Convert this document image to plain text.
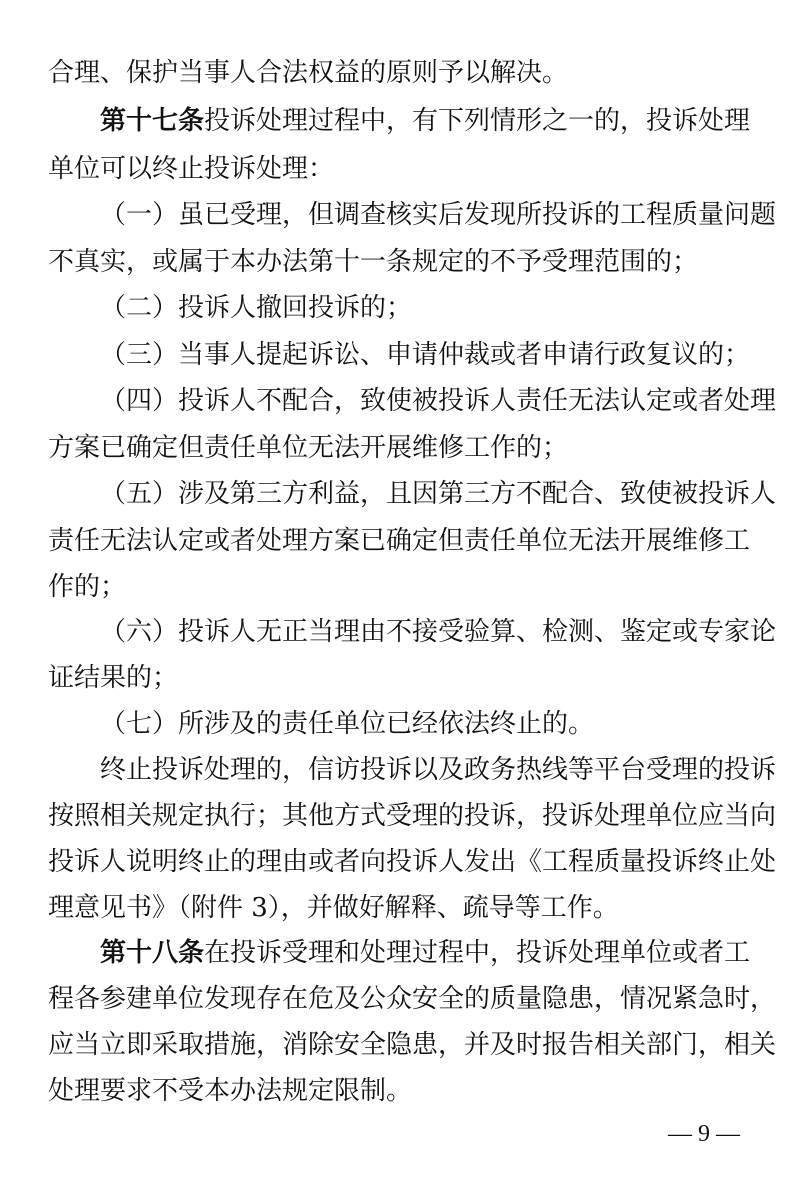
合理、保护当事人合法权益的原则予以解决。
第十七条投诉处理过程中，有下列情形之一的，投诉处理
单位可以终止投诉处理：
（一）虽已受理，但调查核实后发现所投诉的工程质量问题
不真实，或属于本办法第十一条规定的不予受理范围的；
（二）投诉人撤回投诉的；
（三）当事人提起诉讼、申请仲裁或者申请行政复议的；
（四）投诉人不配合，致使被投诉人责任无法认定或者处理
方案已确定但责任单位无法开展维修工作的；
（五）涉及第三方利益，且因第三方不配合、致使被投诉人
责任无法认定或者处理方案已确定但责任单位无法开展维修工
作的；
（六）投诉人无正当理由不接受验算、检测、鉴定或专家论
证结果的；
（七）所涉及的责任单位已经依法终止的。
终止投诉处理的，信访投诉以及政务热线等平台受理的投诉
按照相关规定执行；其他方式受理的投诉，投诉处理单位应当向
投诉人说明终止的理由或者向投诉人发出《工程质量投诉终止处
理意见书》（附件 3），并做好解释、疏导等工作。
第十八条在投诉受理和处理过程中，投诉处理单位或者工
程各参建单位发现存在危及公众安全的质量隐患，情况紧急时，
应当立即采取措施，消除安全隐患，并及时报告相关部门，相关
处理要求不受本办法规定限制。
— 9 —
